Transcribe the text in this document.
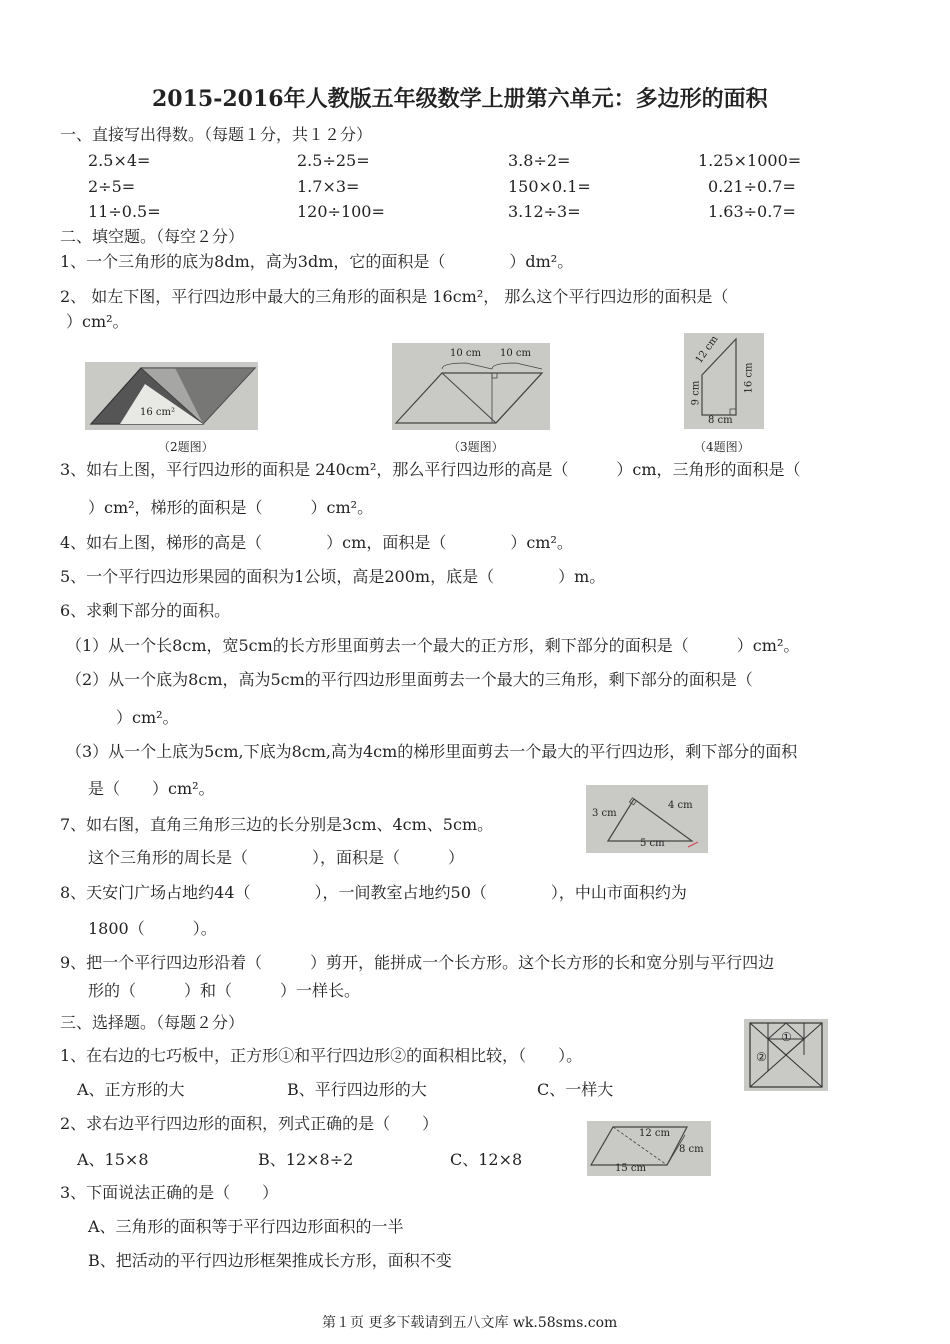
2015-2016年人教版五年级数学上册第六单元：多边形的面积
一、直接写出得数。（每题１分，共１２分）
2.5×4=	2.5÷25=	3.8÷2=	1.25×1000=
2÷5=	1.7×3=	150×0.1=	0.21÷0.7=
11÷0.5=	120÷100=	3.12÷3=	1.63÷0.7=
二、填空题。（每空２分）
1、一个三角形的底为8dm，高为3dm，它的面积是（　　　　）dm²。
2、 如左下图，平行四边形中最大的三角形的面积是 16cm²， 那么这个平行四边形的面积是（
）cm²。
16 cm²
（2题图）
10 cm 10 cm
（3题图）
12 cm
9 cm	16 cm
8 cm
（4题图）
3、如右上图，平行四边形的面积是 240cm²，那么平行四边形的高是（　　　）cm，三角形的面积是（
）cm²，梯形的面积是（　　　）cm²。
4、如右上图，梯形的高是（　　　　）cm，面积是（　　　　）cm²。
5、一个平行四边形果园的面积为1公顷，高是200m，底是（　　　　）m。
6、求剩下部分的面积。
（1）从一个长8cm，宽5cm的长方形里面剪去一个最大的正方形，剩下部分的面积是（　　　）cm²。
（2）从一个底为8cm，高为5cm的平行四边形里面剪去一个最大的三角形，剩下部分的面积是（
）cm²。
（3）从一个上底为5cm,下底为8cm,高为4cm的梯形里面剪去一个最大的平行四边形，剩下部分的面积
是（　　）cm²。
3 cm
4 cm
5 cm
7、如右图，直角三角形三边的长分别是3cm、4cm、5cm。
这个三角形的周长是（　　　　），面积是（　　　）
8、天安门广场占地约44（　　　　），一间教室占地约50（　　　　），中山市面积约为
1800（　　　）。
9、把一个平行四边形沿着（　　　）剪开，能拼成一个长方形。这个长方形的长和宽分别与平行四边
形的（　　　）和（　　　）一样长。
三、选择题。（每题２分）
①
②
1、在右边的七巧板中，正方形①和平行四边形②的面积相比较，（　　）。
A、正方形的大	B、平行四边形的大	C、一样大
12 cm
8 cm
15 cm
2、求右边平行四边形的面积，列式正确的是（　　）
A、15×8	B、12×8÷2	C、12×8
3、下面说法正确的是（　　）
A、三角形的面积等于平行四边形面积的一半
B、把活动的平行四边形框架推成长方形，面积不变
第１页 更多下载请到五八文库 wk.58sms.com
